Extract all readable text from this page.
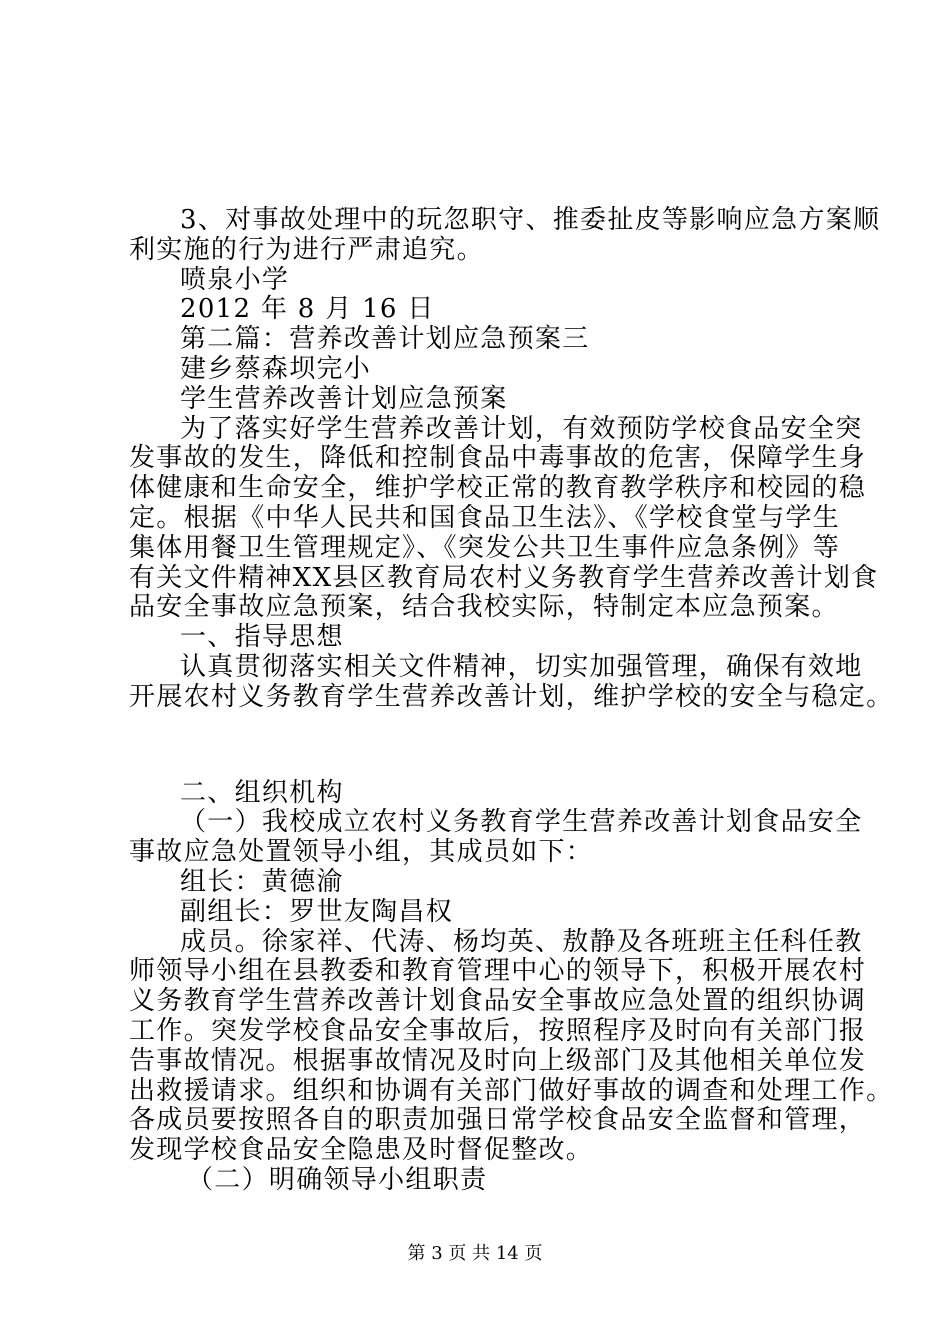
3、对事故处理中的玩忽职守、推委扯皮等影响应急方案顺

利实施的行为进行严肃追究。

喷泉小学

2012 年 8 月 16 日

第二篇：营养改善计划应急预案三

建乡蔡森坝完小

学生营养改善计划应急预案

为了落实好学生营养改善计划，有效预防学校食品安全突

发事故的发生，降低和控制食品中毒事故的危害，保障学生身

体健康和生命安全，维护学校正常的教育教学秩序和校园的稳

定。根据《中华人民共和国食品卫生法》、《学校食堂与学生

集体用餐卫生管理规定》、《突发公共卫生事件应急条例》等

有关文件精神XX县区教育局农村义务教育学生营养改善计划食

品安全事故应急预案，结合我校实际，特制定本应急预案。

一、指导思想

认真贯彻落实相关文件精神，切实加强管理，确保有效地

开展农村义务教育学生营养改善计划，维护学校的安全与稳定。

二、组织机构

（一）我校成立农村义务教育学生营养改善计划食品安全

事故应急处置领导小组，其成员如下：

组长：黄德渝

副组长：罗世友陶昌权

成员。徐家祥、代涛、杨均英、敖静及各班班主任科任教

师领导小组在县教委和教育管理中心的领导下，积极开展农村

义务教育学生营养改善计划食品安全事故应急处置的组织协调

工作。突发学校食品安全事故后，按照程序及时向有关部门报

告事故情况。根据事故情况及时向上级部门及其他相关单位发

出救援请求。组织和协调有关部门做好事故的调查和处理工作。

各成员要按照各自的职责加强日常学校食品安全监督和管理，

发现学校食品安全隐患及时督促整改。

（二）明确领导小组职责

第 3 页 共 14 页
